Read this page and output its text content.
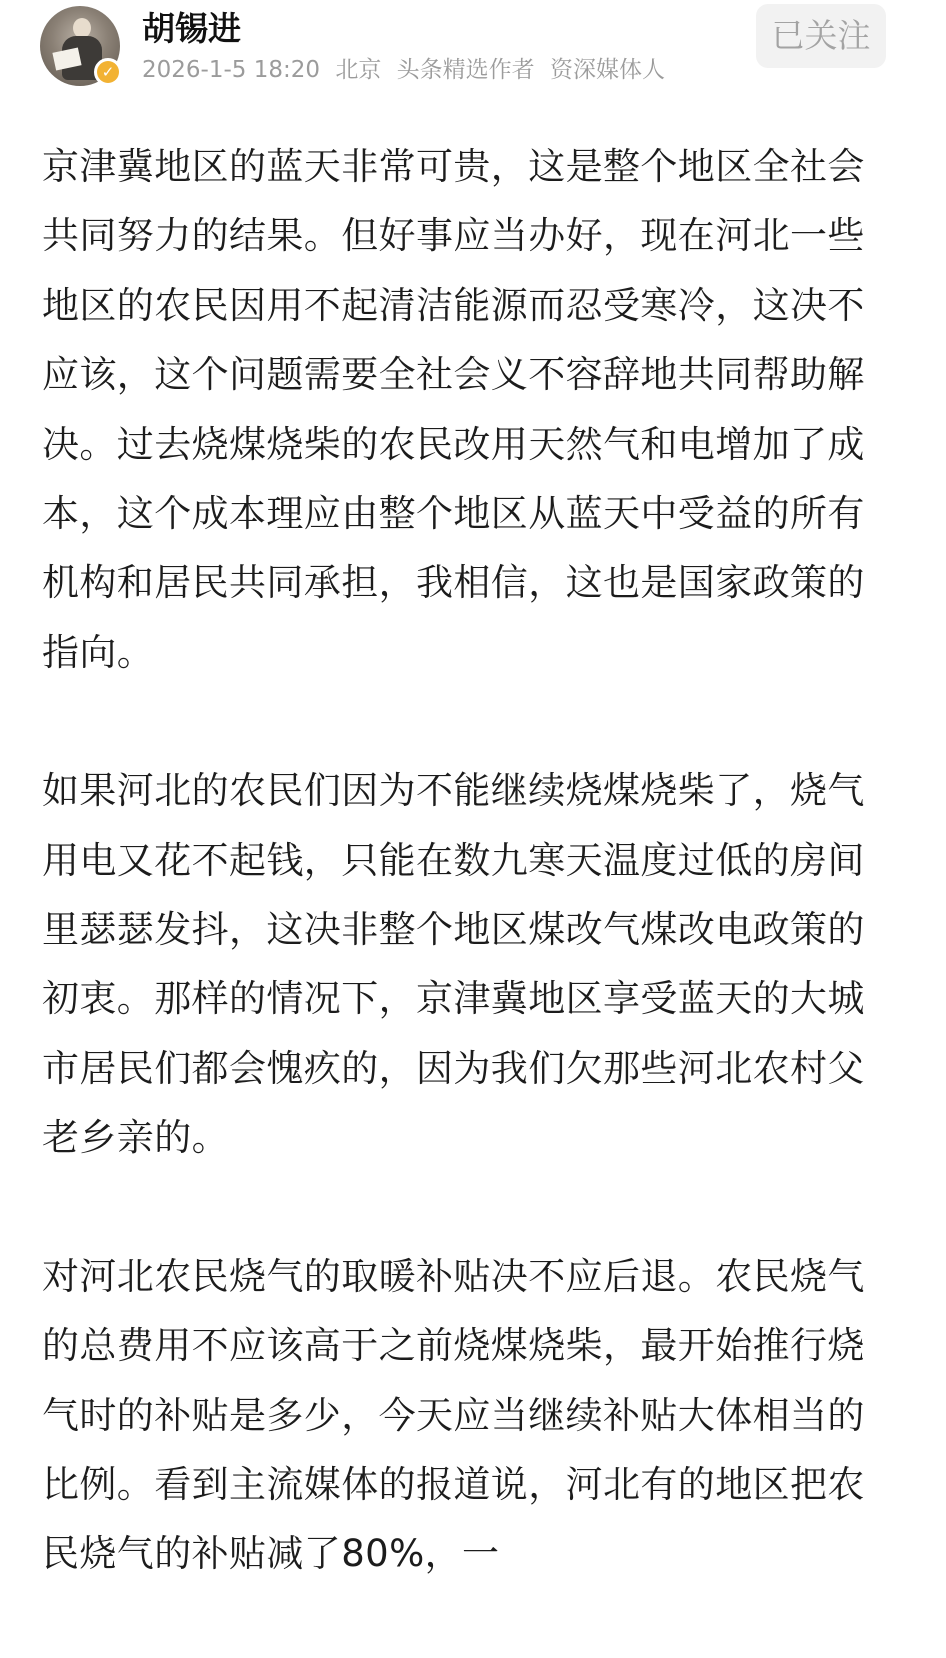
✓
胡锡进
2026-1-5 18:20 北京 头条精选作者 资深媒体人
已关注

京津冀地区的蓝天非常可贵，这是整个地区全社会共同努力的结果。但好事应当办好，现在河北一些地区的农民因用不起清洁能源而忍受寒冷，这决不应该，这个问题需要全社会义不容辞地共同帮助解决。过去烧煤烧柴的农民改用天然气和电增加了成本，这个成本理应由整个地区从蓝天中受益的所有机构和居民共同承担，我相信，这也是国家政策的指向。

如果河北的农民们因为不能继续烧煤烧柴了，烧气用电又花不起钱，只能在数九寒天温度过低的房间里瑟瑟发抖，这决非整个地区煤改气煤改电政策的初衷。那样的情况下，京津冀地区享受蓝天的大城市居民们都会愧疚的，因为我们欠那些河北农村父老乡亲的。

对河北农民烧气的取暖补贴决不应后退。农民烧气的总费用不应该高于之前烧煤烧柴，最开始推行烧气时的补贴是多少，今天应当继续补贴大体相当的比例。看到主流媒体的报道说，河北有的地区把农民烧气的补贴减了80%，一
